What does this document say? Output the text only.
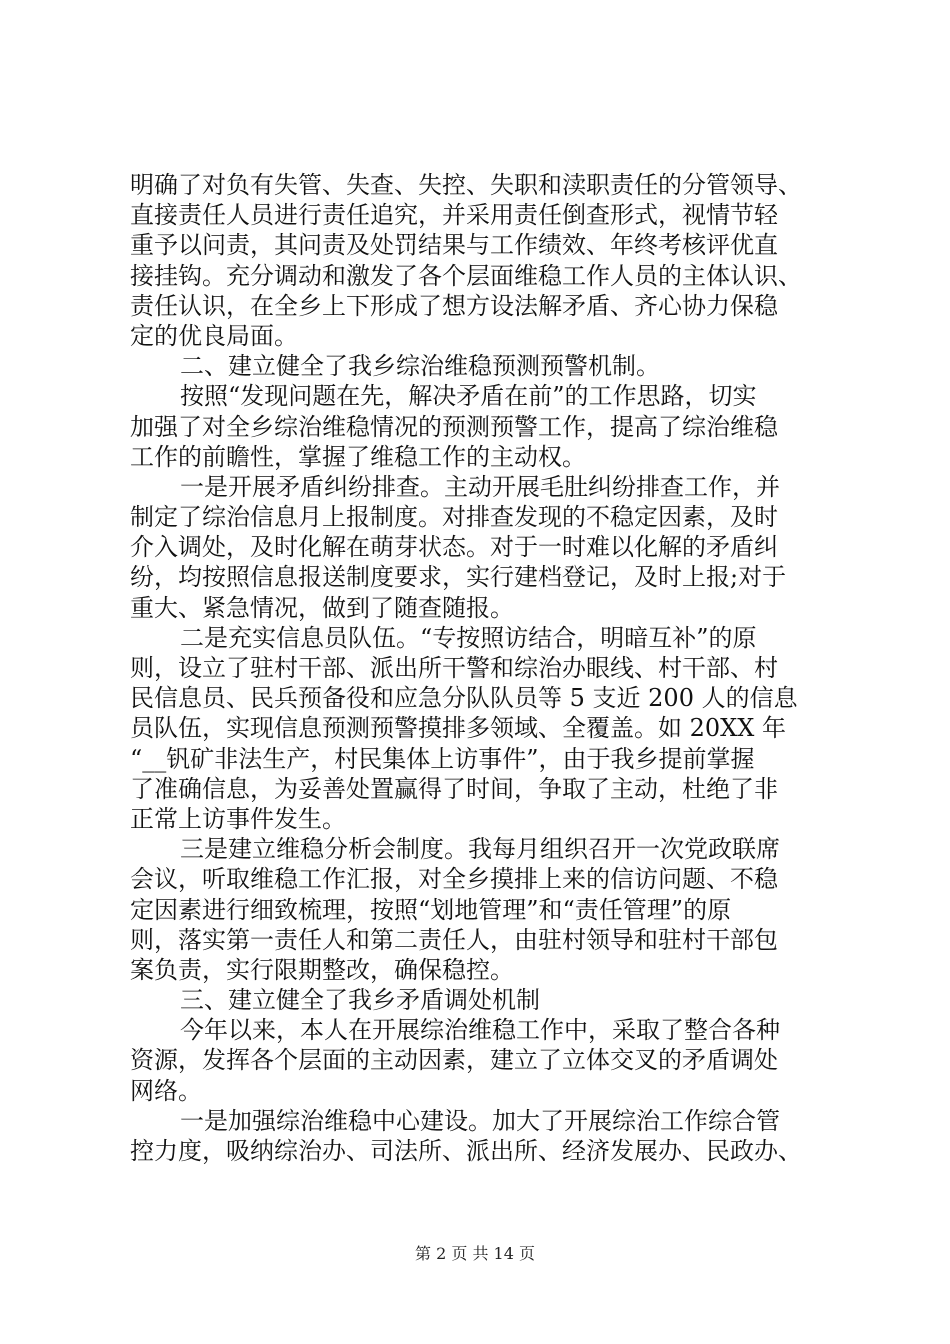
明确了对负有失管、失查、失控、失职和渎职责任的分管领导、
直接责任人员进行责任追究，并采用责任倒查形式，视情节轻
重予以问责，其问责及处罚结果与工作绩效、年终考核评优直
接挂钩。充分调动和激发了各个层面维稳工作人员的主体认识、
责任认识，在全乡上下形成了想方设法解矛盾、齐心协力保稳
定的优良局面。
二、建立健全了我乡综治维稳预测预警机制。
按照“发现问题在先，解决矛盾在前”的工作思路，切实
加强了对全乡综治维稳情况的预测预警工作，提高了综治维稳
工作的前瞻性，掌握了维稳工作的主动权。
一是开展矛盾纠纷排查。主动开展毛肚纠纷排查工作，并
制定了综治信息月上报制度。对排查发现的不稳定因素，及时
介入调处，及时化解在萌芽状态。对于一时难以化解的矛盾纠
纷，均按照信息报送制度要求，实行建档登记，及时上报;对于
重大、紧急情况，做到了随查随报。
二是充实信息员队伍。“专按照访结合，明暗互补”的原
则，设立了驻村干部、派出所干警和综治办眼线、村干部、村
民信息员、民兵预备役和应急分队队员等 5 支近 200 人的信息
员队伍，实现信息预测预警摸排多领域、全覆盖。如 20XX 年
“__钒矿非法生产，村民集体上访事件”，由于我乡提前掌握
了准确信息，为妥善处置赢得了时间，争取了主动，杜绝了非
正常上访事件发生。
三是建立维稳分析会制度。我每月组织召开一次党政联席
会议，听取维稳工作汇报，对全乡摸排上来的信访问题、不稳
定因素进行细致梳理，按照“划地管理”和“责任管理”的原
则，落实第一责任人和第二责任人，由驻村领导和驻村干部包
案负责，实行限期整改，确保稳控。
三、建立健全了我乡矛盾调处机制
今年以来，本人在开展综治维稳工作中，采取了整合各种
资源，发挥各个层面的主动因素，建立了立体交叉的矛盾调处
网络。
一是加强综治维稳中心建设。加大了开展综治工作综合管
控力度，吸纳综治办、司法所、派出所、经济发展办、民政办、
第 2 页 共 14 页
